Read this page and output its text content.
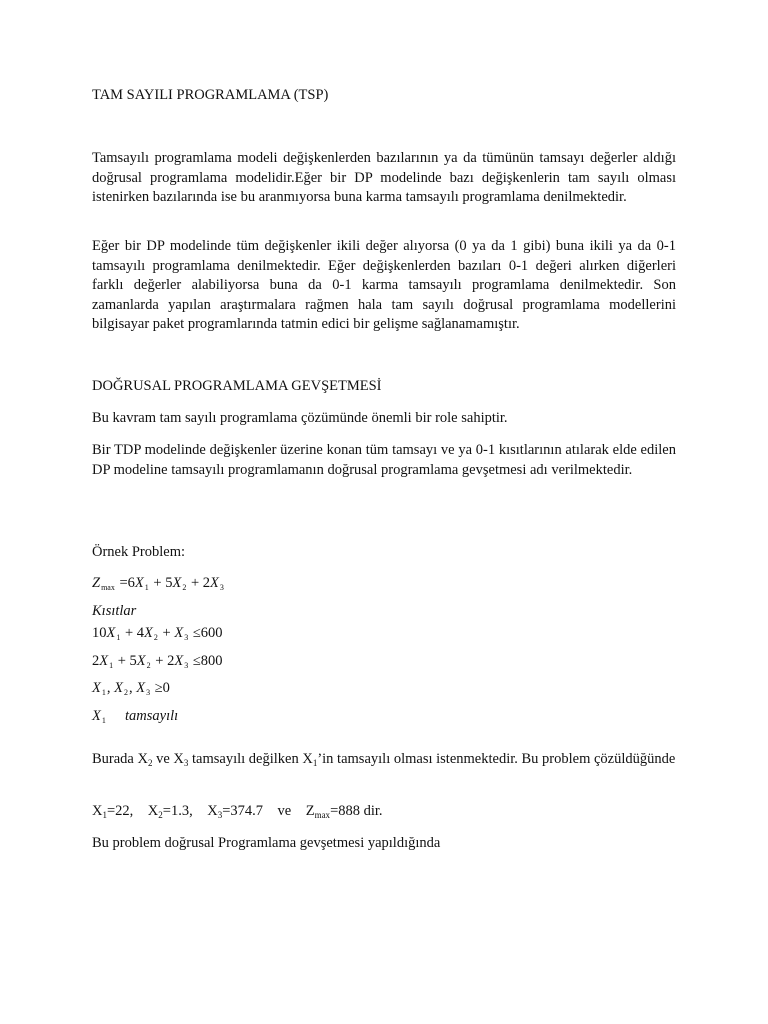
TAM SAYILI PROGRAMLAMA (TSP)
Tamsayılı programlama modeli değişkenlerden bazılarının ya da tümünün tamsayı değerler aldığı doğrusal programlama modelidir.Eğer bir DP modelinde bazı değişkenlerin tam sayılı olması istenirken bazılarında ise bu aranmıyorsa buna karma tamsayılı programlama denilmektedir.
Eğer bir DP modelinde tüm değişkenler ikili değer alıyorsa (0 ya da 1 gibi) buna ikili ya da 0-1 tamsayılı programlama denilmektedir. Eğer değişkenlerden bazıları 0-1 değeri alırken diğerleri farklı değerler alabiliyorsa buna da 0-1 karma tamsayılı programlama denilmektedir. Son zamanlarda yapılan araştırmalara rağmen hala tam sayılı doğrusal programlama modellerini bilgisayar paket programlarında tatmin edici bir gelişme sağlanamamıştır.
DOĞRUSAL PROGRAMLAMA GEVŞETMESİ
Bu kavram tam sayılı programlama çözümünde önemli bir role sahiptir.
Bir TDP modelinde değişkenler üzerine konan tüm tamsayı ve ya 0-1 kısıtlarının atılarak elde edilen DP modeline tamsayılı programlamanın doğrusal programlama gevşetmesi adı verilmektedir.
Örnek Problem:
$Z_{max} =6X_1 + 5X_2 + 2X_3$
Kısıtlar
$10X_1 + 4X_2 + X_3 \le 600$
$2X_1 + 5X_2 + 2X_3 \le 800$
$X_1$, $X_2$, $X_3 \ge 0$
$X_1$ tamsayılı
Burada $X_2$ ve $X_3$ tamsayılı değilken $X_1’in$ tamsayılı olması istenmektedir. Bu problem çözüldüğünde
$X_1=22$,    $X_2=1.3$,    $X_3=374.7$ ve    $Z_{max}=888$ dir.
Bu problem doğrusal Programlama gevşetmesi yapıldığında
